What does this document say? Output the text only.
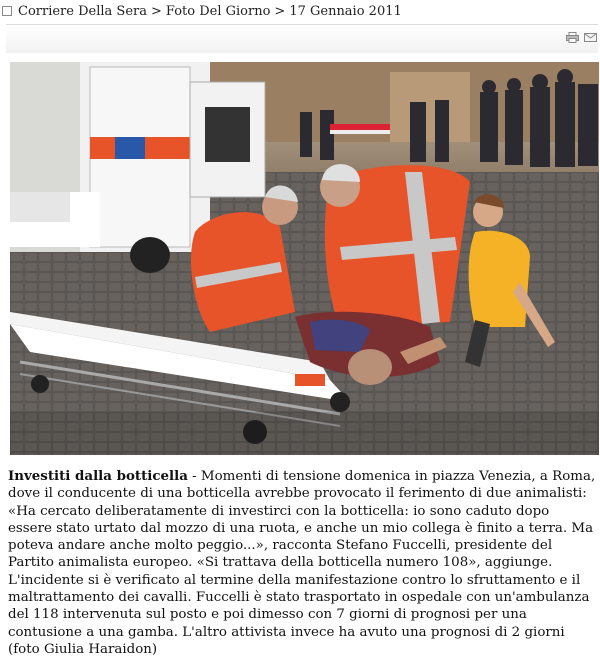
Corriere Della Sera > Foto Del Giorno > 17 Gennaio 2011
Investiti dalla botticella - Momenti di tensione domenica in piazza Venezia, a Roma, dove il conducente di una botticella avrebbe provocato il ferimento di due animalisti: «Ha cercato deliberatamente di investirci con la botticella: io sono caduto dopo essere stato urtato dal mozzo di una ruota, e anche un mio collega è finito a terra. Ma poteva andare anche molto peggio...», racconta Stefano Fuccelli, presidente del Partito animalista europeo. «Si trattava della botticella numero 108», aggiunge. L'incidente si è verificato al termine della manifestazione contro lo sfruttamento e il maltrattamento dei cavalli. Fuccelli è stato trasportato in ospedale con un'ambulanza del 118 intervenuta sul posto e poi dimesso con 7 giorni di prognosi per una contusione a una gamba. L'altro attivista invece ha avuto una prognosi di 2 giorni (foto Giulia Haraidon)
